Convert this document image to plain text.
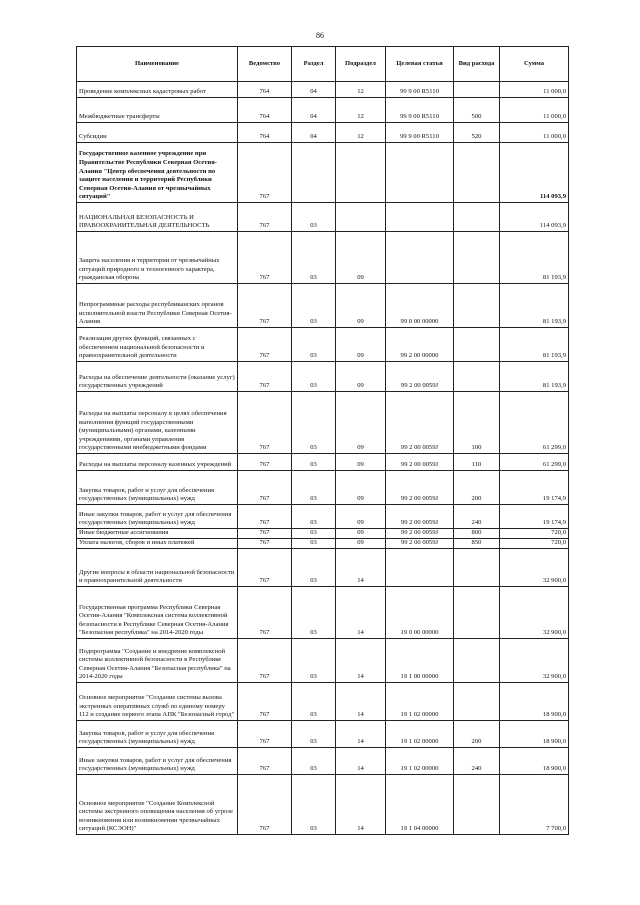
86
Наименование	Ведомство	Раздел	Подраздел	Целевая статья	Вид расхода	Сумма
Проведение комплексных кадастровых работ	764	04	12	99 9 00 R5110		11 000,0
Межбюджетные трансферты	764	04	12	99 9 00 R5110	500	11 000,0
Субсидии	764	04	12	99 9 00 R5110	520	11 000,0
Государственное казенное учреждение при Правительстве Республики Северная Осетия-Алания "Центр обеспечения деятельности по защите населения и территорий Республики Северная Осетия-Алания от чрезвычайных ситуаций"	767					114 093,9
НАЦИОНАЛЬНАЯ БЕЗОПАСНОСТЬ И ПРАВООХРАНИТЕЛЬНАЯ ДЕЯТЕЛЬНОСТЬ	767	03				114 093,9
Защита населения и территории от чрезвычайных ситуаций природного и техногенного характера, гражданская оборона	767	03	09			81 193,9
Непрограммные расходы республиканских органов исполнительной власти Республики Северная Осетия-Алания	767	03	09	99 0 00 00000		81 193,9
Реализация других функций, связанных с обеспечением национальной безопасности и правоохранительной деятельности	767	03	09	99 2 00 00000		81 193,9
Расходы на обеспечение деятельности (оказание услуг) государственных учреждений	767	03	09	99 2 00 0059J		81 193,9
Расходы на выплаты персоналу в целях обеспечения выполнения функций государственными (муниципальными) органами, казенными учреждениями, органами управления государственными внебюджетными фондами	767	03	09	99 2 00 0059J	100	61 299,0
Расходы на выплаты персоналу казенных учреждений	767	03	09	99 2 00 0059J	110	61 299,0
Закупка товаров, работ и услуг для обеспечения государственных (муниципальных) нужд	767	03	09	99 2 00 0059J	200	19 174,9
Иные закупки товаров, работ и услуг для обеспечения государственных (муниципальных) нужд	767	03	09	99 2 00 0059J	240	19 174,9
Иные бюджетные ассигнования	767	03	09	99 2 00 0059J	800	720,0
Уплата налогов, сборов и иных платежей	767	03	09	99 2 00 0059J	850	720,0
Другие вопросы в области национальной безопасности и правоохранительной деятельности	767	03	14			32 900,0
Государственная программа Республики Северная Осетия-Алания "Комплексная система коллективной безопасности в Республике Северная Осетия-Алания "Безопасная республика" на 2014-2020 годы	767	03	14	19 0 00 00000		32 900,0
Подпрограмма "Создание и внедрение комплексной системы коллективной безопасности в Республике Северная Осетия-Алания "Безопасная республика" на 2014-2020 годы	767	03	14	19 1 00 00000		32 900,0
Основное мероприятие "Создание системы вызова экстренных оперативных служб по единому номеру 112 и создание первого этапа АПК "Безопасный город"	767	03	14	19 1 02 00000		18 900,0
Закупка товаров, работ и услуг для обеспечения государственных (муниципальных) нужд	767	03	14	19 1 02 00000	200	18 900,0
Иные закупки товаров, работ и услуг для обеспечения государственных (муниципальных) нужд	767	03	14	19 1 02 00000	240	18 900,0
Основное мероприятие "Создание Комплексной системы экстренного оповещения населения об угрозе возникновения или возникновении чрезвычайных ситуаций (КСЭОН)"	767	03	14	19 1 04 00000		7 700,0
